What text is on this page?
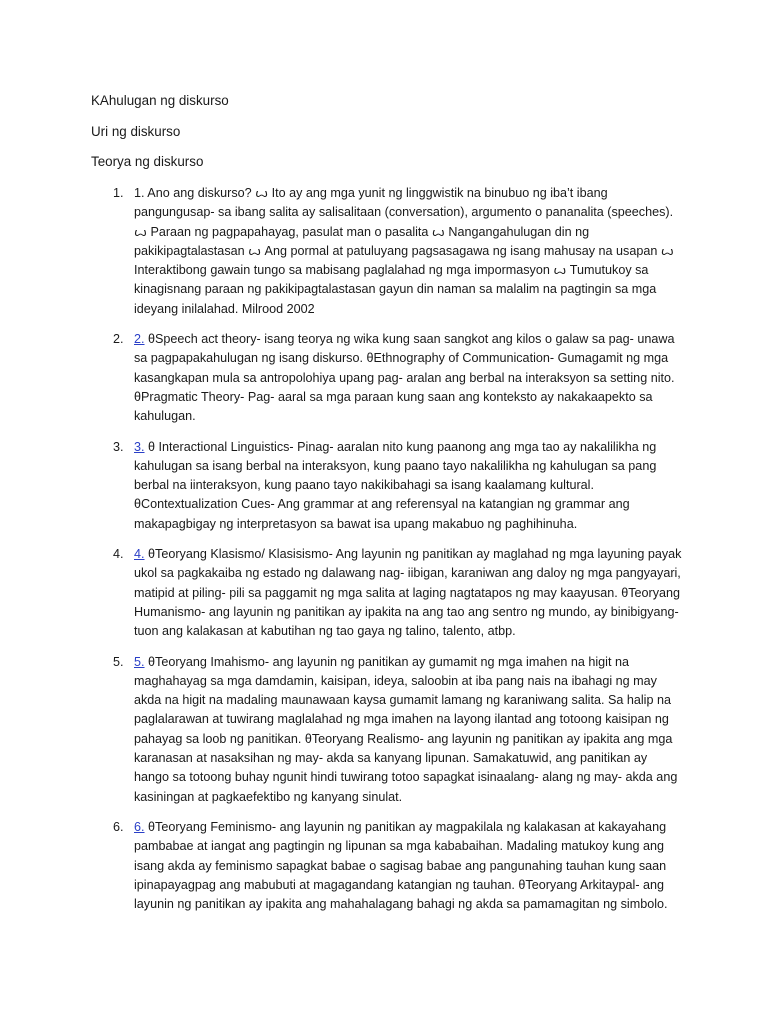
KAhulugan ng diskurso
Uri ng diskurso
Teorya ng diskurso
1. 1. Ano ang diskurso? ꙍ Ito ay ang mga yunit ng linggwistik na binubuo ng iba’t ibang pangungusap- sa ibang salita ay salisalitaan (conversation), argumento o pananalita (speeches). ꙍ Paraan ng pagpapahayag, pasulat man o pasalita ꙍ Nangangahulugan din ng pakikipagtalastasan ꙍ Ang pormal at patuluyang pagsasagawa ng isang mahusay na usapan ꙍ Interaktibong gawain tungo sa mabisang paglalahad ng mga impormasyon ꙍ Tumutukoy sa kinagisnang paraan ng pakikipagtalastasan gayun din naman sa malalim na pagtingin sa mga ideyang inilalahad. Milrood 2002
2. 2. θSpeech act theory- isang teorya ng wika kung saan sangkot ang kilos o galaw sa pag- unawa sa pagpapakahulugan ng isang diskurso. θEthnography of Communication- Gumagamit ng mga kasangkapan mula sa antropolohiya upang pag- aralan ang berbal na interaksyon sa setting nito. θPragmatic Theory- Pag- aaral sa mga paraan kung saan ang konteksto ay nakakaapekto sa kahulugan.
3. 3. θ Interactional Linguistics- Pinag- aaralan nito kung paanong ang mga tao ay nakalilikha ng kahulugan sa isang berbal na interaksyon, kung paano tayo nakalilikha ng kahulugan sa pang berbal na iinteraksyon, kung paano tayo nakikibahagi sa isang kaalamang kultural. θContextualization Cues- Ang grammar at ang referensyal na katangian ng grammar ang makapagbigay ng interpretasyon sa bawat isa upang makabuo ng paghihinuha.
4. 4. θTeoryang Klasismo/ Klasisismo- Ang layunin ng panitikan ay maglahad ng mga layuning payak ukol sa pagkakaiba ng estado ng dalawang nag- iibigan, karaniwan ang daloy ng mga pangyayari, matipid at piling- pili sa paggamit ng mga salita at laging nagtatapos ng may kaayusan. θTeoryang Humanismo- ang layunin ng panitikan ay ipakita na ang tao ang sentro ng mundo, ay binibigyang- tuon ang kalakasan at kabutihan ng tao gaya ng talino, talento, atbp.
5. 5. θTeoryang Imahismo- ang layunin ng panitikan ay gumamit ng mga imahen na higit na maghahayag sa mga damdamin, kaisipan, ideya, saloobin at iba pang nais na ibahagi ng may akda na higit na madaling maunawaan kaysa gumamit lamang ng karaniwang salita. Sa halip na paglalarawan at tuwirang maglalahad ng mga imahen na layong ilantad ang totoong kaisipan ng pahayag sa loob ng panitikan. θTeoryang Realismo- ang layunin ng panitikan ay ipakita ang mga karanasan at nasaksihan ng may- akda sa kanyang lipunan. Samakatuwid, ang panitikan ay hango sa totoong buhay ngunit hindi tuwirang totoo sapagkat isinaalang- alang ng may- akda ang kasiningan at pagkaefektibo ng kanyang sinulat.
6. 6. θTeoryang Feminismo- ang layunin ng panitikan ay magpakilala ng kalakasan at kakayahang pambabae at iangat ang pagtingin ng lipunan sa mga kababaihan. Madaling matukoy kung ang isang akda ay feminismo sapagkat babae o sagisag babae ang pangunahing tauhan kung saan ipinapayagpag ang mabubuti at magagandang katangian ng tauhan. θTeoryang Arkitaypal- ang layunin ng panitikan ay ipakita ang mahahalagang bahagi ng akda sa pamamagitan ng simbolo.
